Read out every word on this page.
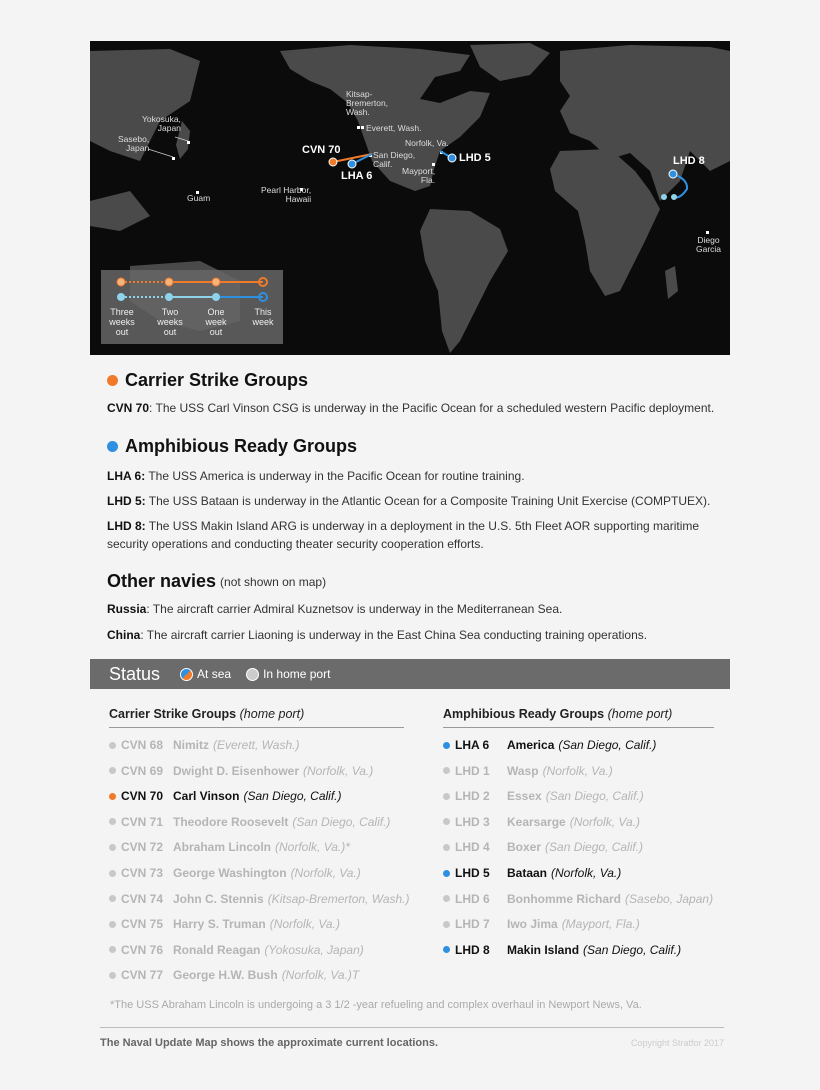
Yokosuka,
Japan
Sasebo,
Japan
Guam
Pearl Harbor,
Hawaii
Kitsap-
Bremerton,
Wash.
Everett, Wash.
San Diego,
Calif.
Norfolk, Va.
Mayport,
Fla.
Diego
Garcia
CVN 70
LHA 6
LHD 5	LHD 8
Three
weeks
out
Two
weeks
out
One
week
out
This
week
Carrier Strike Groups
CVN 70: The USS Carl Vinson CSG is underway in the Pacific Ocean for a scheduled western Pacific deployment.
Amphibious Ready Groups
LHA 6: The USS America is underway in the Pacific Ocean for routine training.
LHD 5: The USS Bataan is underway in the Atlantic Ocean for a Composite Training Unit Exercise (COMPTUEX).
LHD 8: The USS Makin Island ARG is underway in a deployment in the U.S. 5th Fleet AOR supporting maritime security operations and conducting theater security cooperation efforts.
Other navies (not shown on map)
Russia: The aircraft carrier Admiral Kuznetsov is underway in the Mediterranean Sea.
China: The aircraft carrier Liaoning is underway in the East China Sea conducting training operations.
Status	At sea	In home port
Carrier Strike Groups (home port)
CVN 68 Nimitz (Everett, Wash.)
CVN 69 Dwight D. Eisenhower (Norfolk, Va.)
CVN 70 Carl Vinson (San Diego, Calif.)
CVN 71 Theodore Roosevelt (San Diego, Calif.)
CVN 72 Abraham Lincoln (Norfolk, Va.)*
CVN 73 George Washington (Norfolk, Va.)
CVN 74 John C. Stennis (Kitsap-Bremerton, Wash.)
CVN 75 Harry S. Truman (Norfolk, Va.)
CVN 76 Ronald Reagan (Yokosuka, Japan)
CVN 77 George H.W. Bush (Norfolk, Va.)T
Amphibious Ready Groups (home port)
LHA 6	America (San Diego, Calif.)
LHD 1	Wasp (Norfolk, Va.)
LHD 2	Essex (San Diego, Calif.)
LHD 3	Kearsarge (Norfolk, Va.)
LHD 4	Boxer (San Diego, Calif.)
LHD 5	Bataan (Norfolk, Va.)
LHD 6	Bonhomme Richard (Sasebo, Japan)
LHD 7	Iwo Jima (Mayport, Fla.)
LHD 8	Makin Island (San Diego, Calif.)
*The USS Abraham Lincoln is undergoing a 3 1/2 -year refueling and complex overhaul in Newport News, Va.
The Naval Update Map shows the approximate current locations.	Copyright Stratfor 2017
